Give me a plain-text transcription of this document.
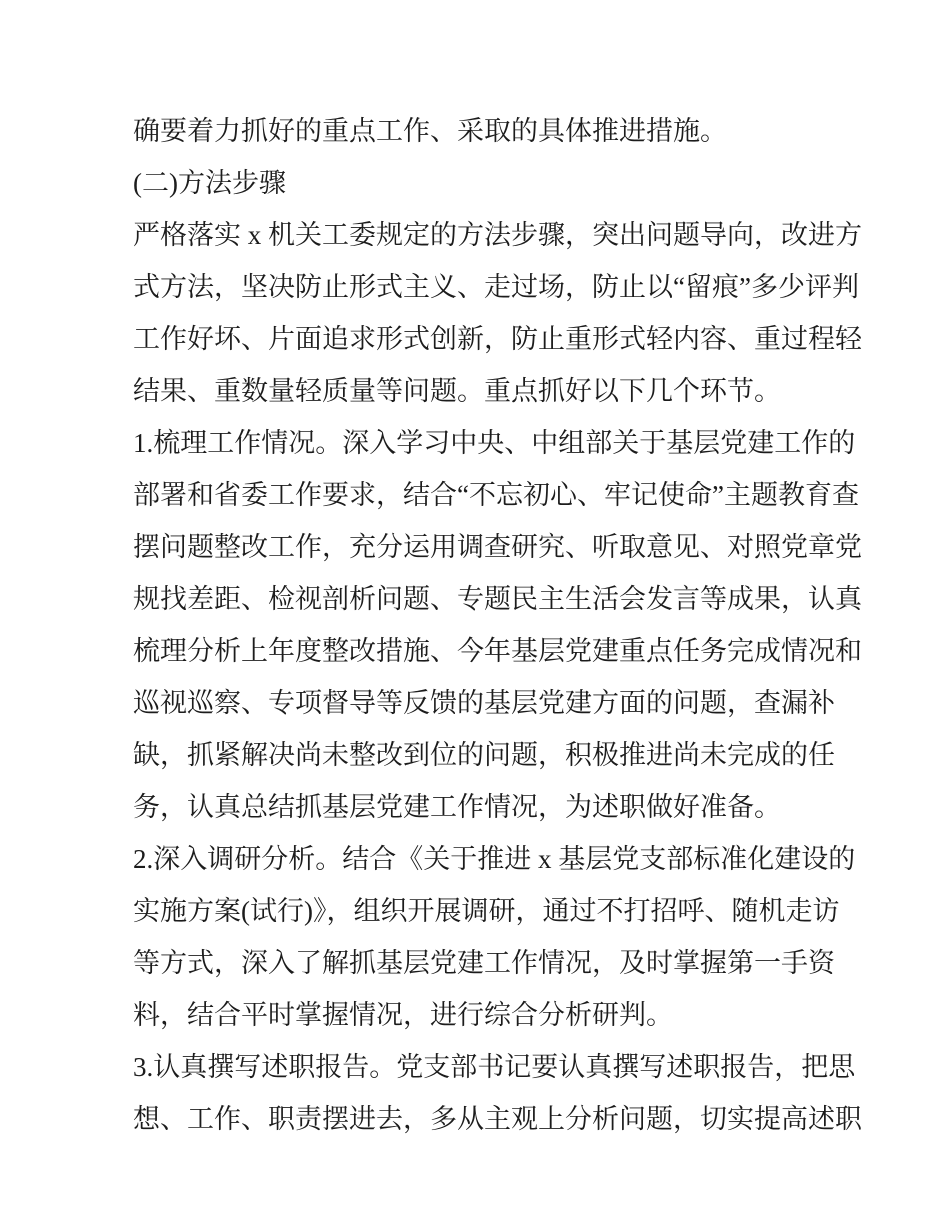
确要着力抓好的重点工作、采取的具体推进措施。
(二)方法步骤
严格落实 x 机关工委规定的方法步骤，突出问题导向，改进方
式方法，坚决防止形式主义、走过场，防止以“留痕”多少评判
工作好坏、片面追求形式创新，防止重形式轻内容、重过程轻
结果、重数量轻质量等问题。重点抓好以下几个环节。
1.梳理工作情况。深入学习中央、中组部关于基层党建工作的
部署和省委工作要求，结合“不忘初心、牢记使命”主题教育查
摆问题整改工作，充分运用调查研究、听取意见、对照党章党
规找差距、检视剖析问题、专题民主生活会发言等成果，认真
梳理分析上年度整改措施、今年基层党建重点任务完成情况和
巡视巡察、专项督导等反馈的基层党建方面的问题，查漏补
缺，抓紧解决尚未整改到位的问题，积极推进尚未完成的任
务，认真总结抓基层党建工作情况，为述职做好准备。
2.深入调研分析。结合《关于推进 x 基层党支部标准化建设的
实施方案(试行)》，组织开展调研，通过不打招呼、随机走访
等方式，深入了解抓基层党建工作情况，及时掌握第一手资
料，结合平时掌握情况，进行综合分析研判。
3.认真撰写述职报告。党支部书记要认真撰写述职报告，把思
想、工作、职责摆进去，多从主观上分析问题，切实提高述职
